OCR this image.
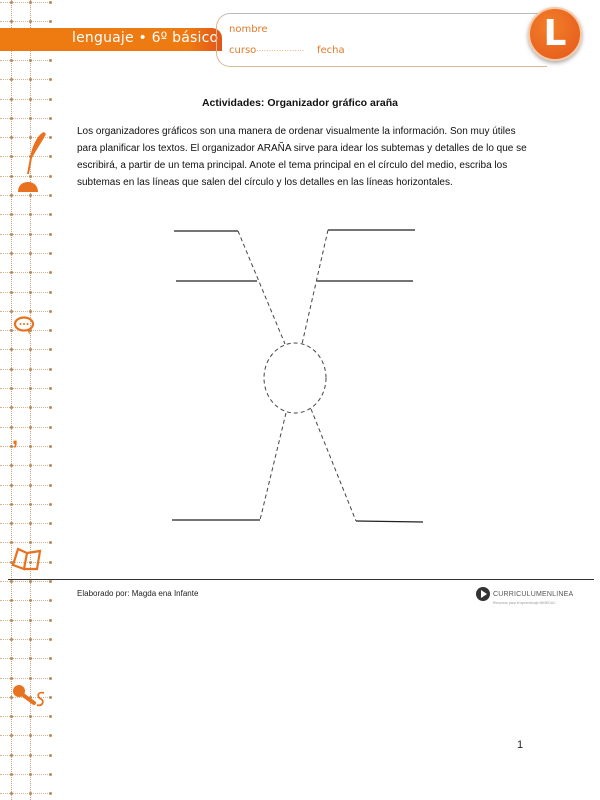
lenguaje • 6º básico
nombre
curso ................... fecha	L
,
Actividades: Organizador gráfico araña
Los organizadores gráficos son una manera de ordenar visualmente la información. Son muy útiles para planificar los textos. El organizador ARAÑA sirve para idear los subtemas y detalles de lo que se escribirá, a partir de un tema principal. Anote el tema principal en el círculo del medio, escriba los subtemas en las líneas que salen del círculo y los detalles en las líneas horizontales.
Elaborado por: Magda ena Infante	CURRICULUMENLINEA
Recursos para el aprendizaje MINEDUC
1
